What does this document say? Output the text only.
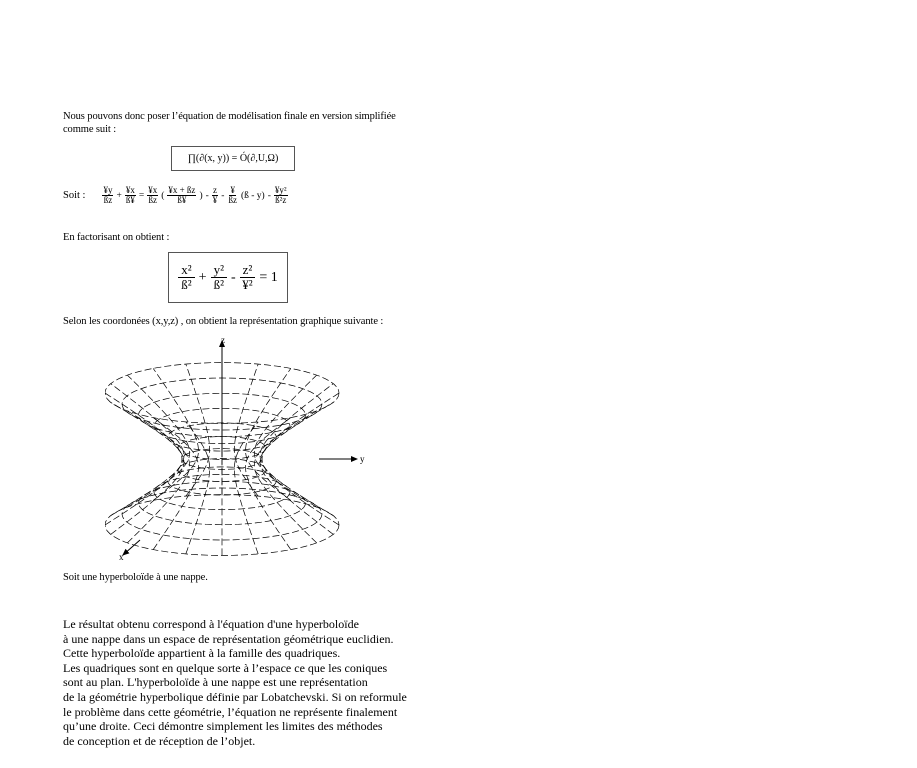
Nous pouvons donc poser l’équation de modélisation finale en version simplifiée
comme suit :
∏(∂(x, y)) = Ó(∂,U,Ω)
Soit : $\frac{¥y}{ßz} + \frac{¥x}{ß¥} = \frac{¥x}{ßz}$ ( $\frac{¥x + ßz}{ß¥}$ ) - $\frac{z}{¥} - \frac{¥}{ßz}$ (ß - $y) - \frac{\text{¥y²}}{\text{ß²z}}$
En factorisant on obtient :
$\frac{\text{x²}}{\text{ß²}} + \frac{\text{y²}}{\text{ß²}} - \frac{\text{z²}}{\text{¥²}} = 1$
Selon les coordonées (x,y,z) , on obtient la représentation graphique suivante :
z
y
x
Soit une hyperboloïde à une nappe.
Le résultat obtenu correspond à l'équation d'une hyperboloïde
à une nappe dans un espace de représentation géométrique euclidien.
Cette hyperboloïde appartient à la famille des quadriques.
Les quadriques sont en quelque sorte à l’espace ce que les coniques
sont au plan. L'hyperboloïde à une nappe est une représentation
de la géométrie hyperbolique définie par Lobatchevski. Si on reformule
le problème dans cette géométrie, l’équation ne représente finalement
qu’une droite. Ceci démontre simplement les limites des méthodes
de conception et de réception de l’objet.
